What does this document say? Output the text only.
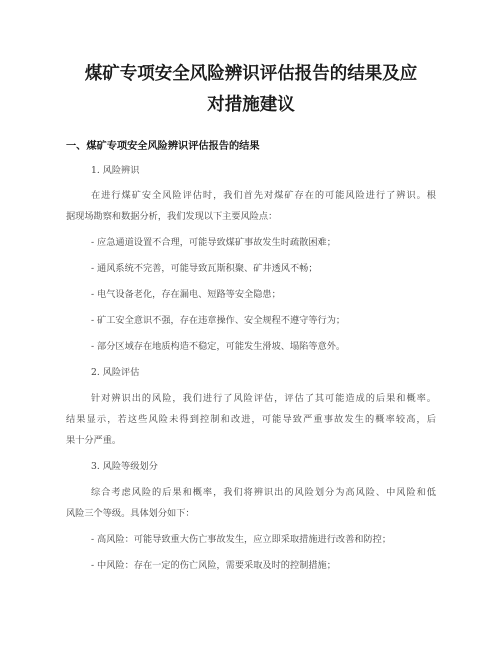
煤矿专项安全风险辨识评估报告的结果及应
对措施建议
一、煤矿专项安全风险辨识评估报告的结果
1. 风险辨识
在进行煤矿安全风险评估时，我们首先对煤矿存在的可能风险进行了辨识。根
据现场勘察和数据分析，我们发现以下主要风险点：
- 应急通道设置不合理，可能导致煤矿事故发生时疏散困难；
- 通风系统不完善，可能导致瓦斯积聚、矿井透风不畅；
- 电气设备老化，存在漏电、短路等安全隐患；
- 矿工安全意识不强，存在违章操作、安全规程不遵守等行为；
- 部分区域存在地质构造不稳定，可能发生滑坡、塌陷等意外。
2. 风险评估
针对辨识出的风险，我们进行了风险评估，评估了其可能造成的后果和概率。
结果显示，若这些风险未得到控制和改进，可能导致严重事故发生的概率较高，后
果十分严重。
3. 风险等级划分
综合考虑风险的后果和概率，我们将辨识出的风险划分为高风险、中风险和低
风险三个等级。具体划分如下：
- 高风险：可能导致重大伤亡事故发生，应立即采取措施进行改善和防控；
- 中风险：存在一定的伤亡风险，需要采取及时的控制措施；
